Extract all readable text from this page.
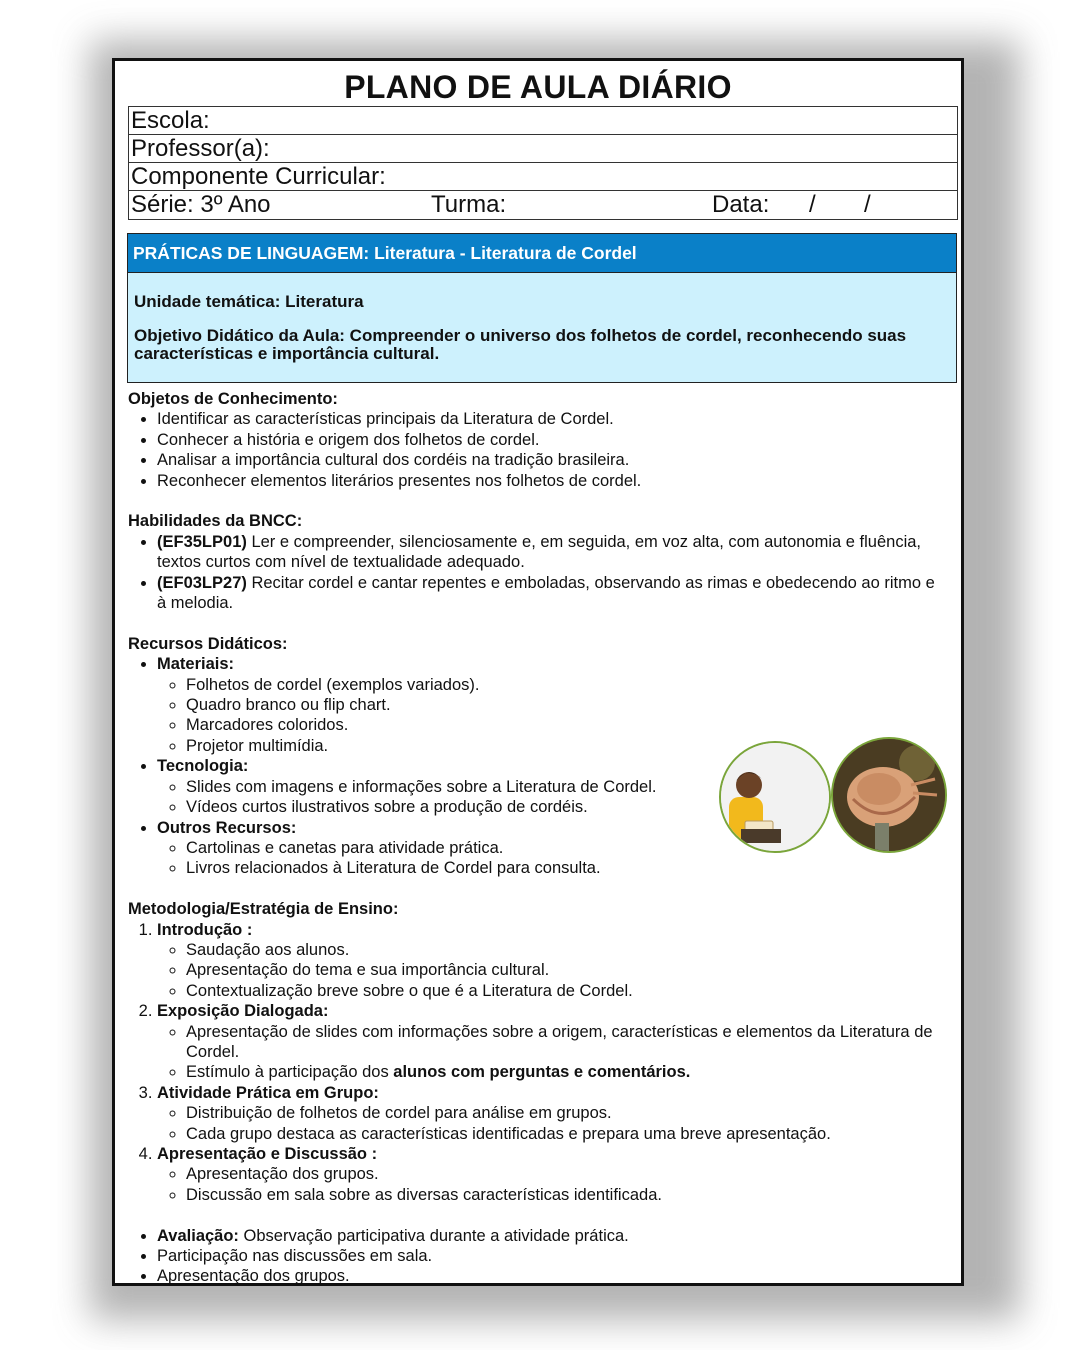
PLANO DE AULA DIÁRIO
Escola:
Professor(a):
Componente Curricular:
Série: 3º Ano	Turma:	Data: / /
PRÁTICAS DE LINGUAGEM: Literatura - Literatura de Cordel
Unidade temática: Literatura
Objetivo Didático da Aula: Compreender o universo dos folhetos de cordel, reconhecendo suas características e importância cultural.
Objetos de Conhecimento:
• Identificar as características principais da Literatura de Cordel.
• Conhecer a história e origem dos folhetos de cordel.
• Analisar a importância cultural dos cordéis na tradição brasileira.
• Reconhecer elementos literários presentes nos folhetos de cordel.
Habilidades da BNCC:
• (EF35LP01) Ler e compreender, silenciosamente e, em seguida, em voz alta, com autonomia e fluência, textos curtos com nível de textualidade adequado.
• (EF03LP27) Recitar cordel e cantar repentes e emboladas, observando as rimas e obedecendo ao ritmo e à melodia.
Recursos Didáticos:
• Materiais:
◦ Folhetos de cordel (exemplos variados).
◦ Quadro branco ou flip chart.
◦ Marcadores coloridos.
◦ Projetor multimídia.
• Tecnologia:
◦ Slides com imagens e informações sobre a Literatura de Cordel.
◦ Vídeos curtos ilustrativos sobre a produção de cordéis.
• Outros Recursos:
◦ Cartolinas e canetas para atividade prática.
◦ Livros relacionados à Literatura de Cordel para consulta.
Metodologia/Estratégia de Ensino:
1. Introdução :
◦ Saudação aos alunos.
◦ Apresentação do tema e sua importância cultural.
◦ Contextualização breve sobre o que é a Literatura de Cordel.
2. Exposição Dialogada:
◦ Apresentação de slides com informações sobre a origem, características e elementos da Literatura de Cordel.
◦ Estímulo à participação dos alunos com perguntas e comentários.
3. Atividade Prática em Grupo:
◦ Distribuição de folhetos de cordel para análise em grupos.
◦ Cada grupo destaca as características identificadas e prepara uma breve apresentação.
4. Apresentação e Discussão :
◦ Apresentação dos grupos.
◦ Discussão em sala sobre as diversas características identificada.
• Avaliação: Observação participativa durante a atividade prática.
• Participação nas discussões em sala.
• Apresentação dos grupos.
